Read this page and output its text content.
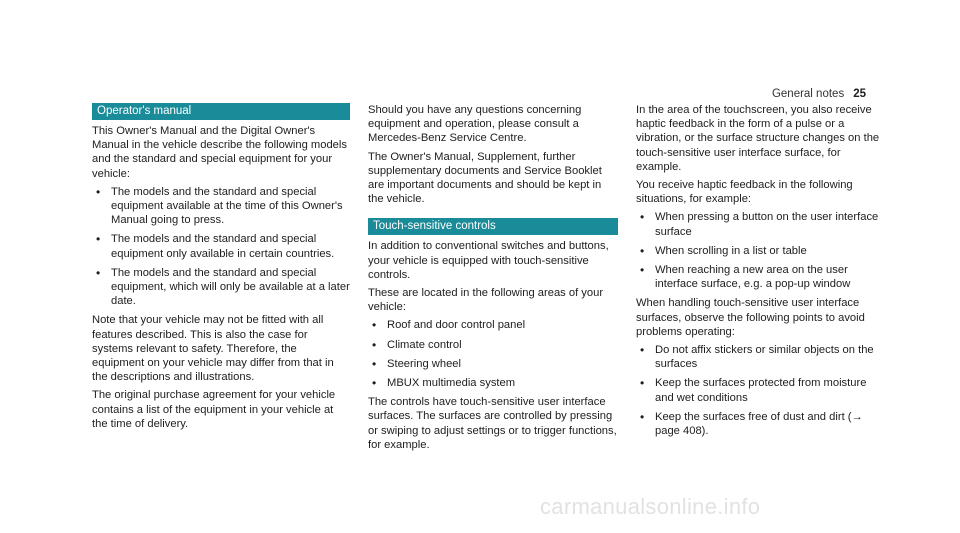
General notes 25
Operator's manual

This Owner's Manual and the Digital Owner's Manual in the vehicle describe the following models and the standard and special equipment for your vehicle:

• The models and the standard and special equipment available at the time of this Owner's Manual going to press.
• The models and the standard and special equipment only available in certain countries.
• The models and the standard and special equipment, which will only be available at a later date.

Note that your vehicle may not be fitted with all features described. This is also the case for systems relevant to safety. Therefore, the equipment on your vehicle may differ from that in the descriptions and illustrations.

The original purchase agreement for your vehicle contains a list of the equipment in your vehicle at the time of delivery.

Should you have any questions concerning equipment and operation, please consult a Mercedes-Benz Service Centre.

The Owner's Manual, Supplement, further supplementary documents and Service Booklet are important documents and should be kept in the vehicle.

Touch-sensitive controls

In addition to conventional switches and buttons, your vehicle is equipped with touch-sensitive controls.

These are located in the following areas of your vehicle:

• Roof and door control panel
• Climate control
• Steering wheel
• MBUX multimedia system

The controls have touch-sensitive user interface surfaces. The surfaces are controlled by pressing or swiping to adjust settings or to trigger functions, for example.

In the area of the touchscreen, you also receive haptic feedback in the form of a pulse or a vibration, or the surface structure changes on the touch-sensitive user interface surface, for example.

You receive haptic feedback in the following situations, for example:

• When pressing a button on the user interface surface
• When scrolling in a list or table
• When reaching a new area on the user interface surface, e.g. a pop-up window

When handling touch-sensitive user interface surfaces, observe the following points to avoid problems operating:

• Do not affix stickers or similar objects on the surfaces
• Keep the surfaces protected from moisture and wet conditions
• Keep the surfaces free of dust and dirt (→ page 408).
carmanualsonline.info
